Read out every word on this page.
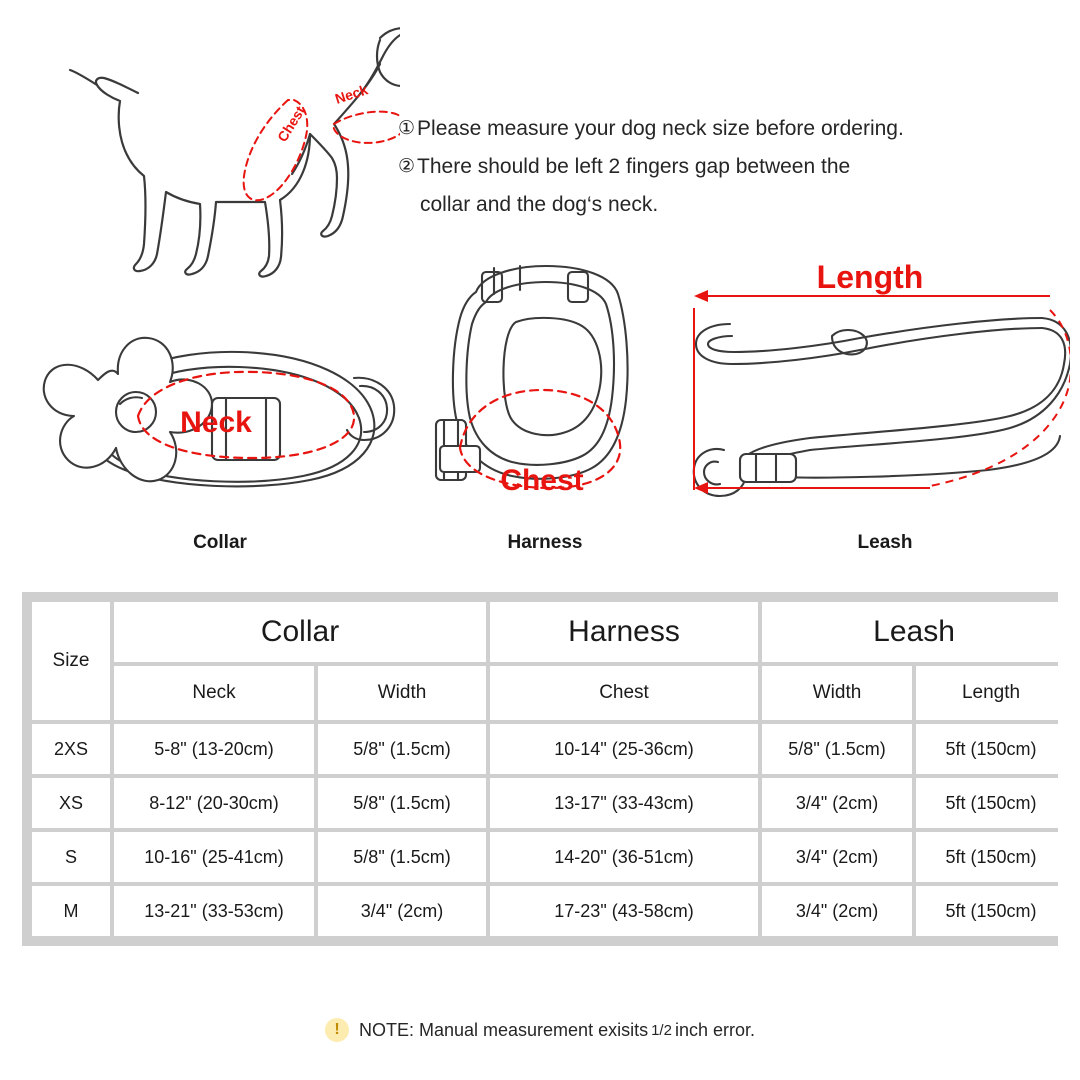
Neck
Chest	① Please measure your dog neck size before ordering.
② There should be left 2 fingers gap between the
collar and the dog‘s neck.
Neck
Collar
Chest
Harness
Length
Leash
Size	Collar		Harness	Leash	
	Neck	Width	Chest	Width	Length
2XS	5-8" (13-20cm)	5/8" (1.5cm)	10-14" (25-36cm)	5/8" (1.5cm)	5ft (150cm)
XS	8-12" (20-30cm)	5/8" (1.5cm)	13-17" (33-43cm)	3/4" (2cm)	5ft (150cm)
S	10-16" (25-41cm)	5/8" (1.5cm)	14-20" (36-51cm)	3/4" (2cm)	5ft (150cm)
M	13-21" (33-53cm)	3/4" (2cm)	17-23" (43-58cm)	3/4" (2cm)	5ft (150cm)
!	NOTE: Manual measurement exisits 1/2 inch error.
